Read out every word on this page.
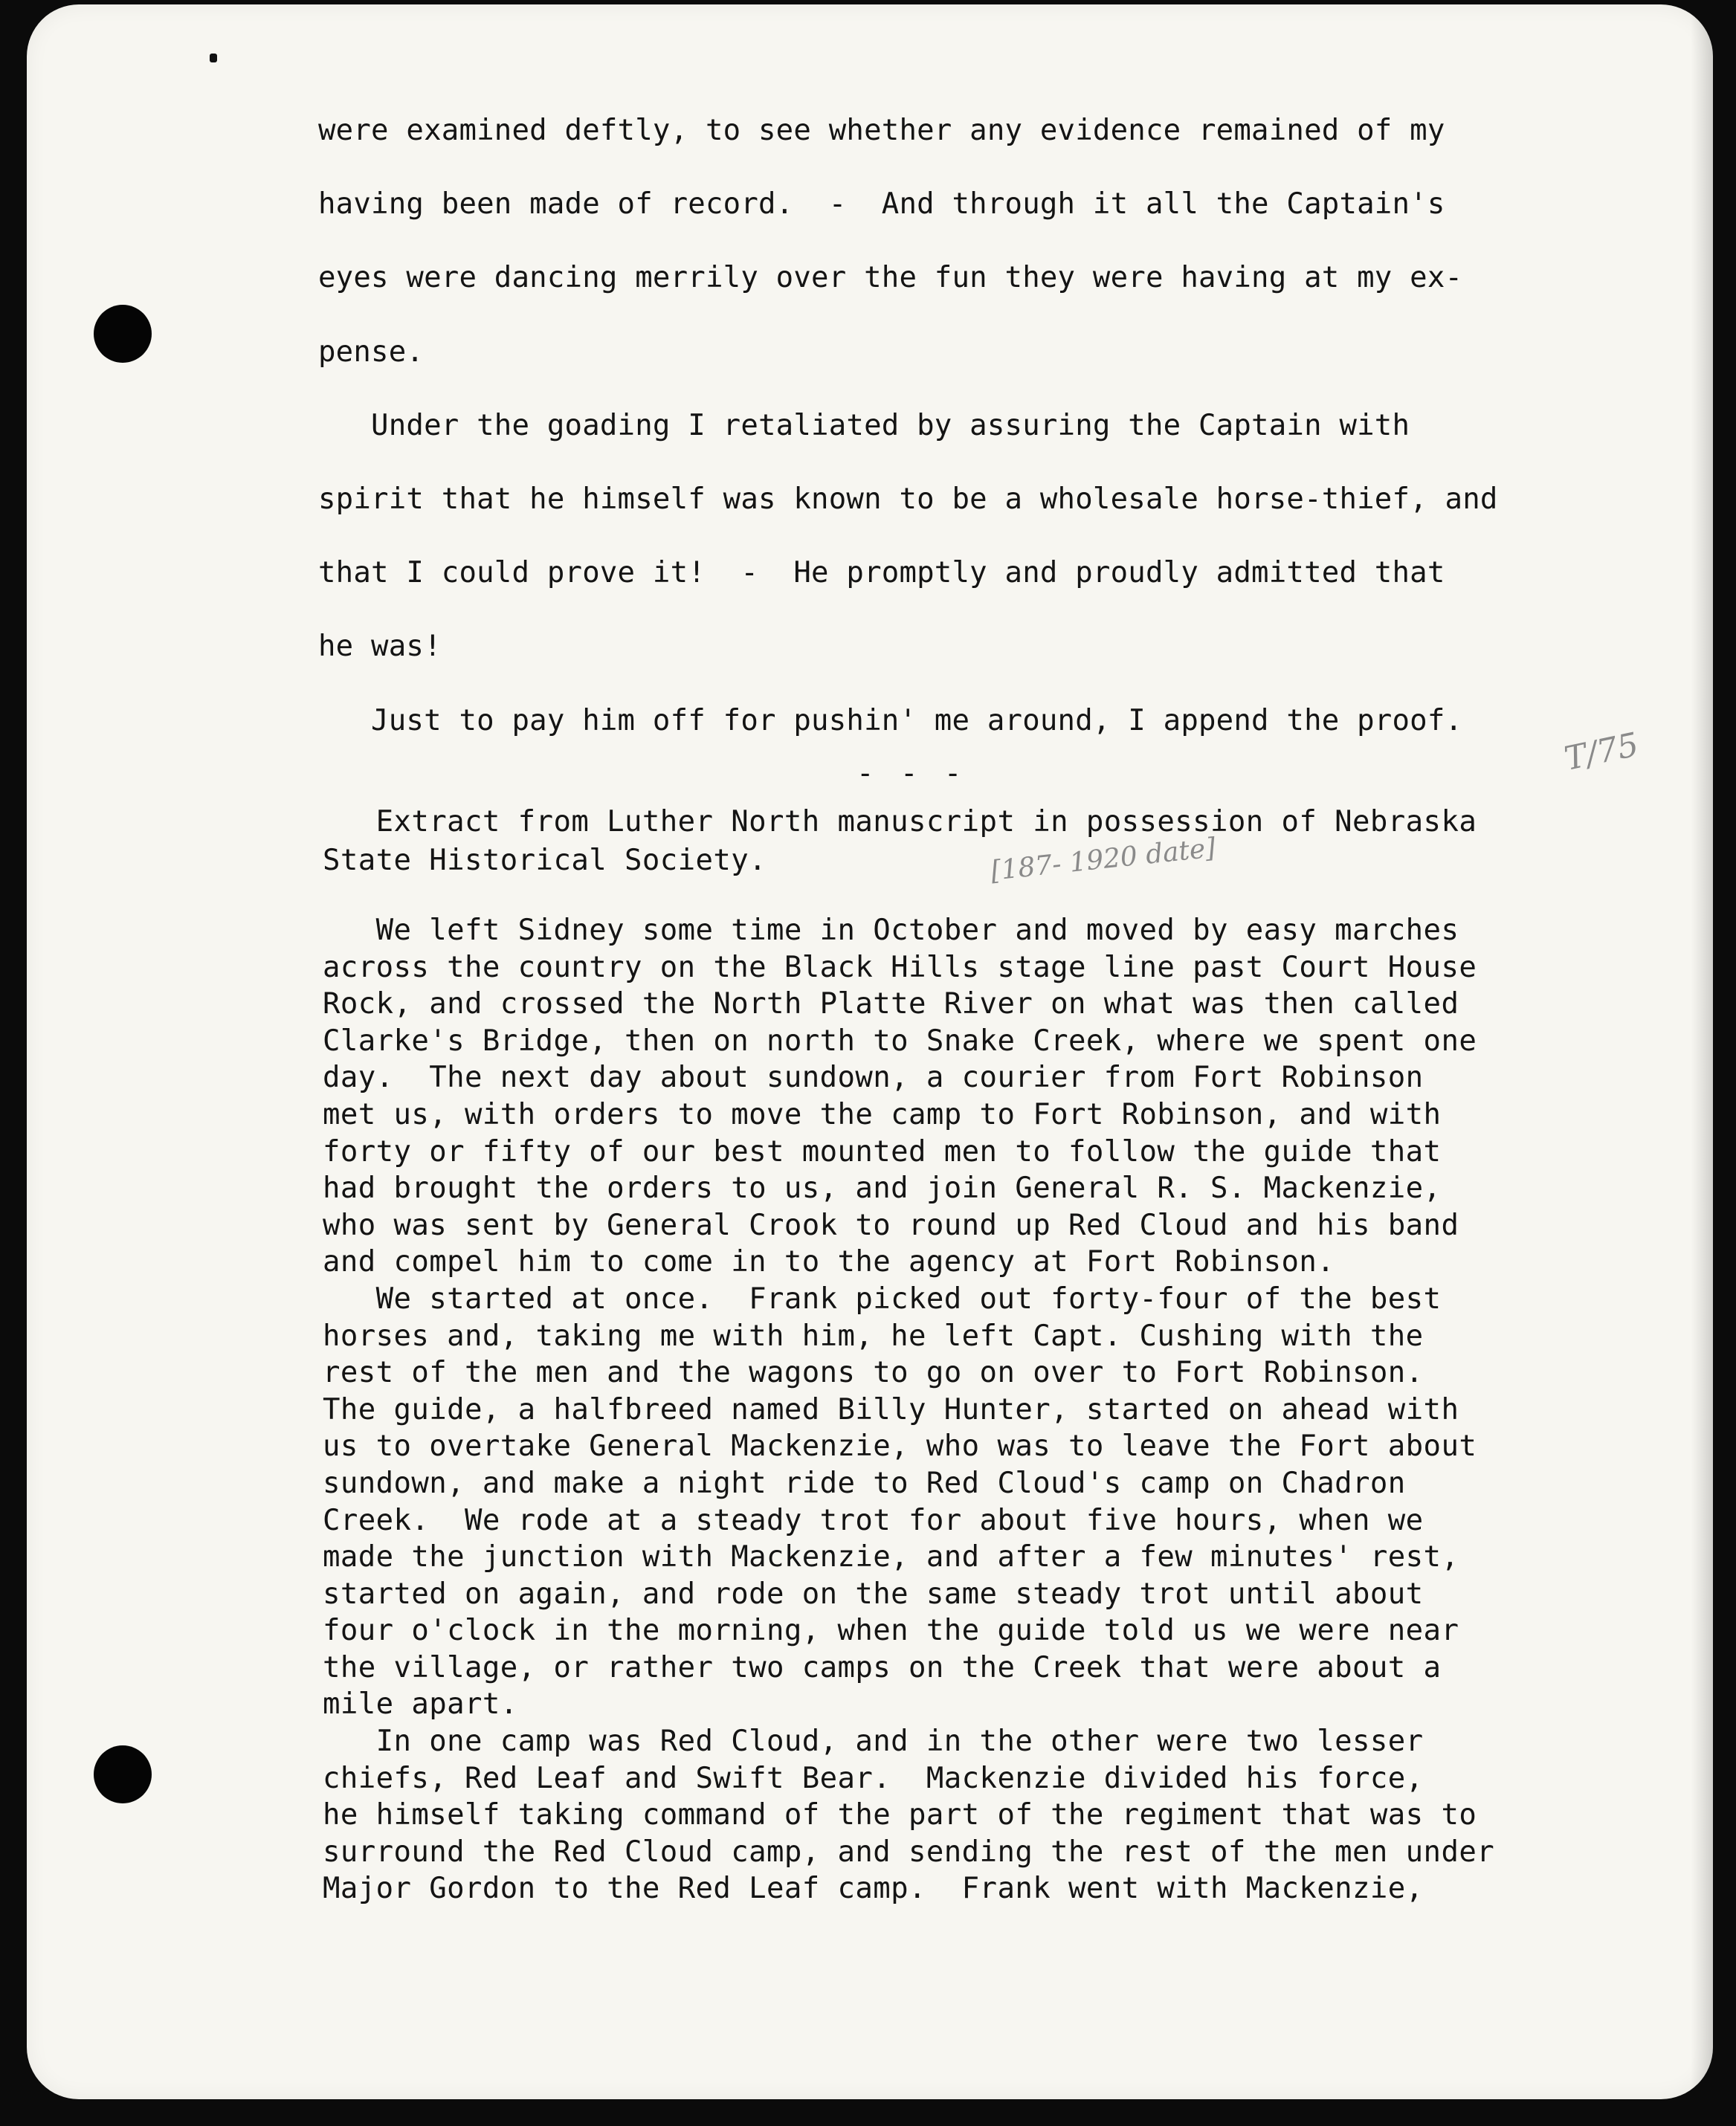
were examined deftly, to see whether any evidence remained of my
having been made of record.  -  And through it all the Captain's
eyes were dancing merrily over the fun they were having at my ex-
pense.
Under the goading I retaliated by assuring the Captain with
spirit that he himself was known to be a wholesale horse-thief, and
that I could prove it!  -  He promptly and proudly admitted that
he was!
Just to pay him off for pushin' me around, I append the proof.
- - -
Extract from Luther North manuscript in possession of Nebraska
State Historical Society.
We left Sidney some time in October and moved by easy marches
across the country on the Black Hills stage line past Court House
Rock, and crossed the North Platte River on what was then called
Clarke's Bridge, then on north to Snake Creek, where we spent one
day.  The next day about sundown, a courier from Fort Robinson
met us, with orders to move the camp to Fort Robinson, and with
forty or fifty of our best mounted men to follow the guide that
had brought the orders to us, and join General R. S. Mackenzie,
who was sent by General Crook to round up Red Cloud and his band
and compel him to come in to the agency at Fort Robinson.
We started at once.  Frank picked out forty-four of the best
horses and, taking me with him, he left Capt. Cushing with the
rest of the men and the wagons to go on over to Fort Robinson.
The guide, a halfbreed named Billy Hunter, started on ahead with
us to overtake General Mackenzie, who was to leave the Fort about
sundown, and make a night ride to Red Cloud's camp on Chadron
Creek.  We rode at a steady trot for about five hours, when we
made the junction with Mackenzie, and after a few minutes' rest,
started on again, and rode on the same steady trot until about
four o'clock in the morning, when the guide told us we were near
the village, or rather two camps on the Creek that were about a
mile apart.
In one camp was Red Cloud, and in the other were two lesser
chiefs, Red Leaf and Swift Bear.  Mackenzie divided his force,
he himself taking command of the part of the regiment that was to
surround the Red Cloud camp, and sending the rest of the men under
Major Gordon to the Red Leaf camp.  Frank went with Mackenzie,
T/75
[187- 1920 date]
